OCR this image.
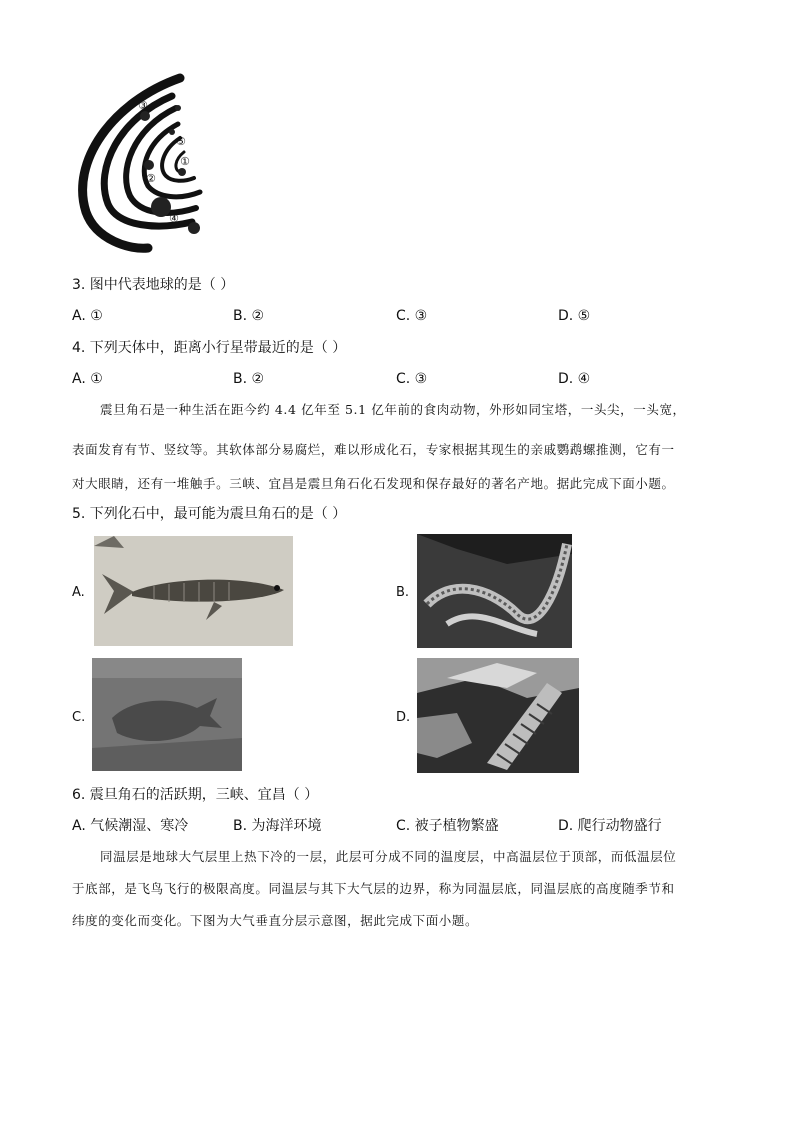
③
⑤
①
②
④
3. 图中代表地球的是（ ）
A. ①	B. ②	C. ③	D. ⑤
4. 下列天体中，距离小行星带最近的是（ ）
A. ①	B. ②	C. ③	D. ④
震旦角石是一种生活在距今约 4.4 亿年至 5.1 亿年前的食肉动物，外形如同宝塔，一头尖，一头宽，
表面发育有节、竖纹等。其软体部分易腐烂，难以形成化石，专家根据其现生的亲戚鹦鹉螺推测，它有一
对大眼睛，还有一堆触手。三峡、宜昌是震旦角石化石发现和保存最好的著名产地。据此完成下面小题。
5. 下列化石中，最可能为震旦角石的是（ ）
A.	B.
C.	D.
6. 震旦角石的活跃期，三峡、宜昌（ ）
A. 气候潮湿、寒冷	B. 为海洋环境	C. 被子植物繁盛	D. 爬行动物盛行
同温层是地球大气层里上热下冷的一层，此层可分成不同的温度层，中高温层位于顶部，而低温层位
于底部，是飞鸟飞行的极限高度。同温层与其下大气层的边界，称为同温层底，同温层底的高度随季节和
纬度的变化而变化。下图为大气垂直分层示意图，据此完成下面小题。
